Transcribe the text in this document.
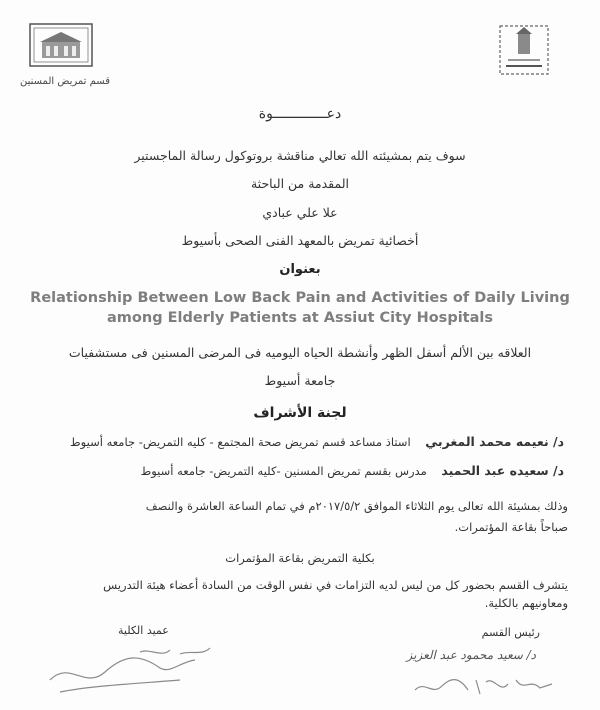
قسم تمريض المسنين
دعـــــــــــــوة
سوف يتم بمشيئته الله تعالي مناقشة بروتوكول رسالة الماجستير
المقدمة من الباحثة
علا علي عبادي
أخصائية تمريض بالمعهد الفنى الصحى بأسيوط
بعنوان
Relationship Between Low Back Pain and Activities of Daily Living
among Elderly Patients at Assiut City Hospitals
العلاقه بين الألم أسفل الظهر وأنشطة الحياه اليوميه فى المرضى المسنين فى مستشفيات
جامعة أسيوط
لجنة الأشراف
د/ نعيمه محمد المغربي    استاذ مساعد قسم تمريض صحة المجتمع - كليه التمريض- جامعه أسيوط
د/ سعيده عبد الحميد    مدرس بقسم تمريض المسنين -كليه التمريض- جامعه أسيوط
وذلك بمشيئة الله تعالى يوم الثلاثاء الموافق ٢٠١٧/٥/٢م في تمام الساعة العاشرة والنصف
صباحاً بقاعة المؤتمرات.
بكلية التمريض بقاعة المؤتمرات
يتشرف القسم بحضور كل من ليس لديه التزامات في نفس الوقت من السادة أعضاء هيئة التدريس
ومعاونيهم بالكلية.
رئيس القسم
عميد الكلية
د/ سعيد محمود عبد العزيز
